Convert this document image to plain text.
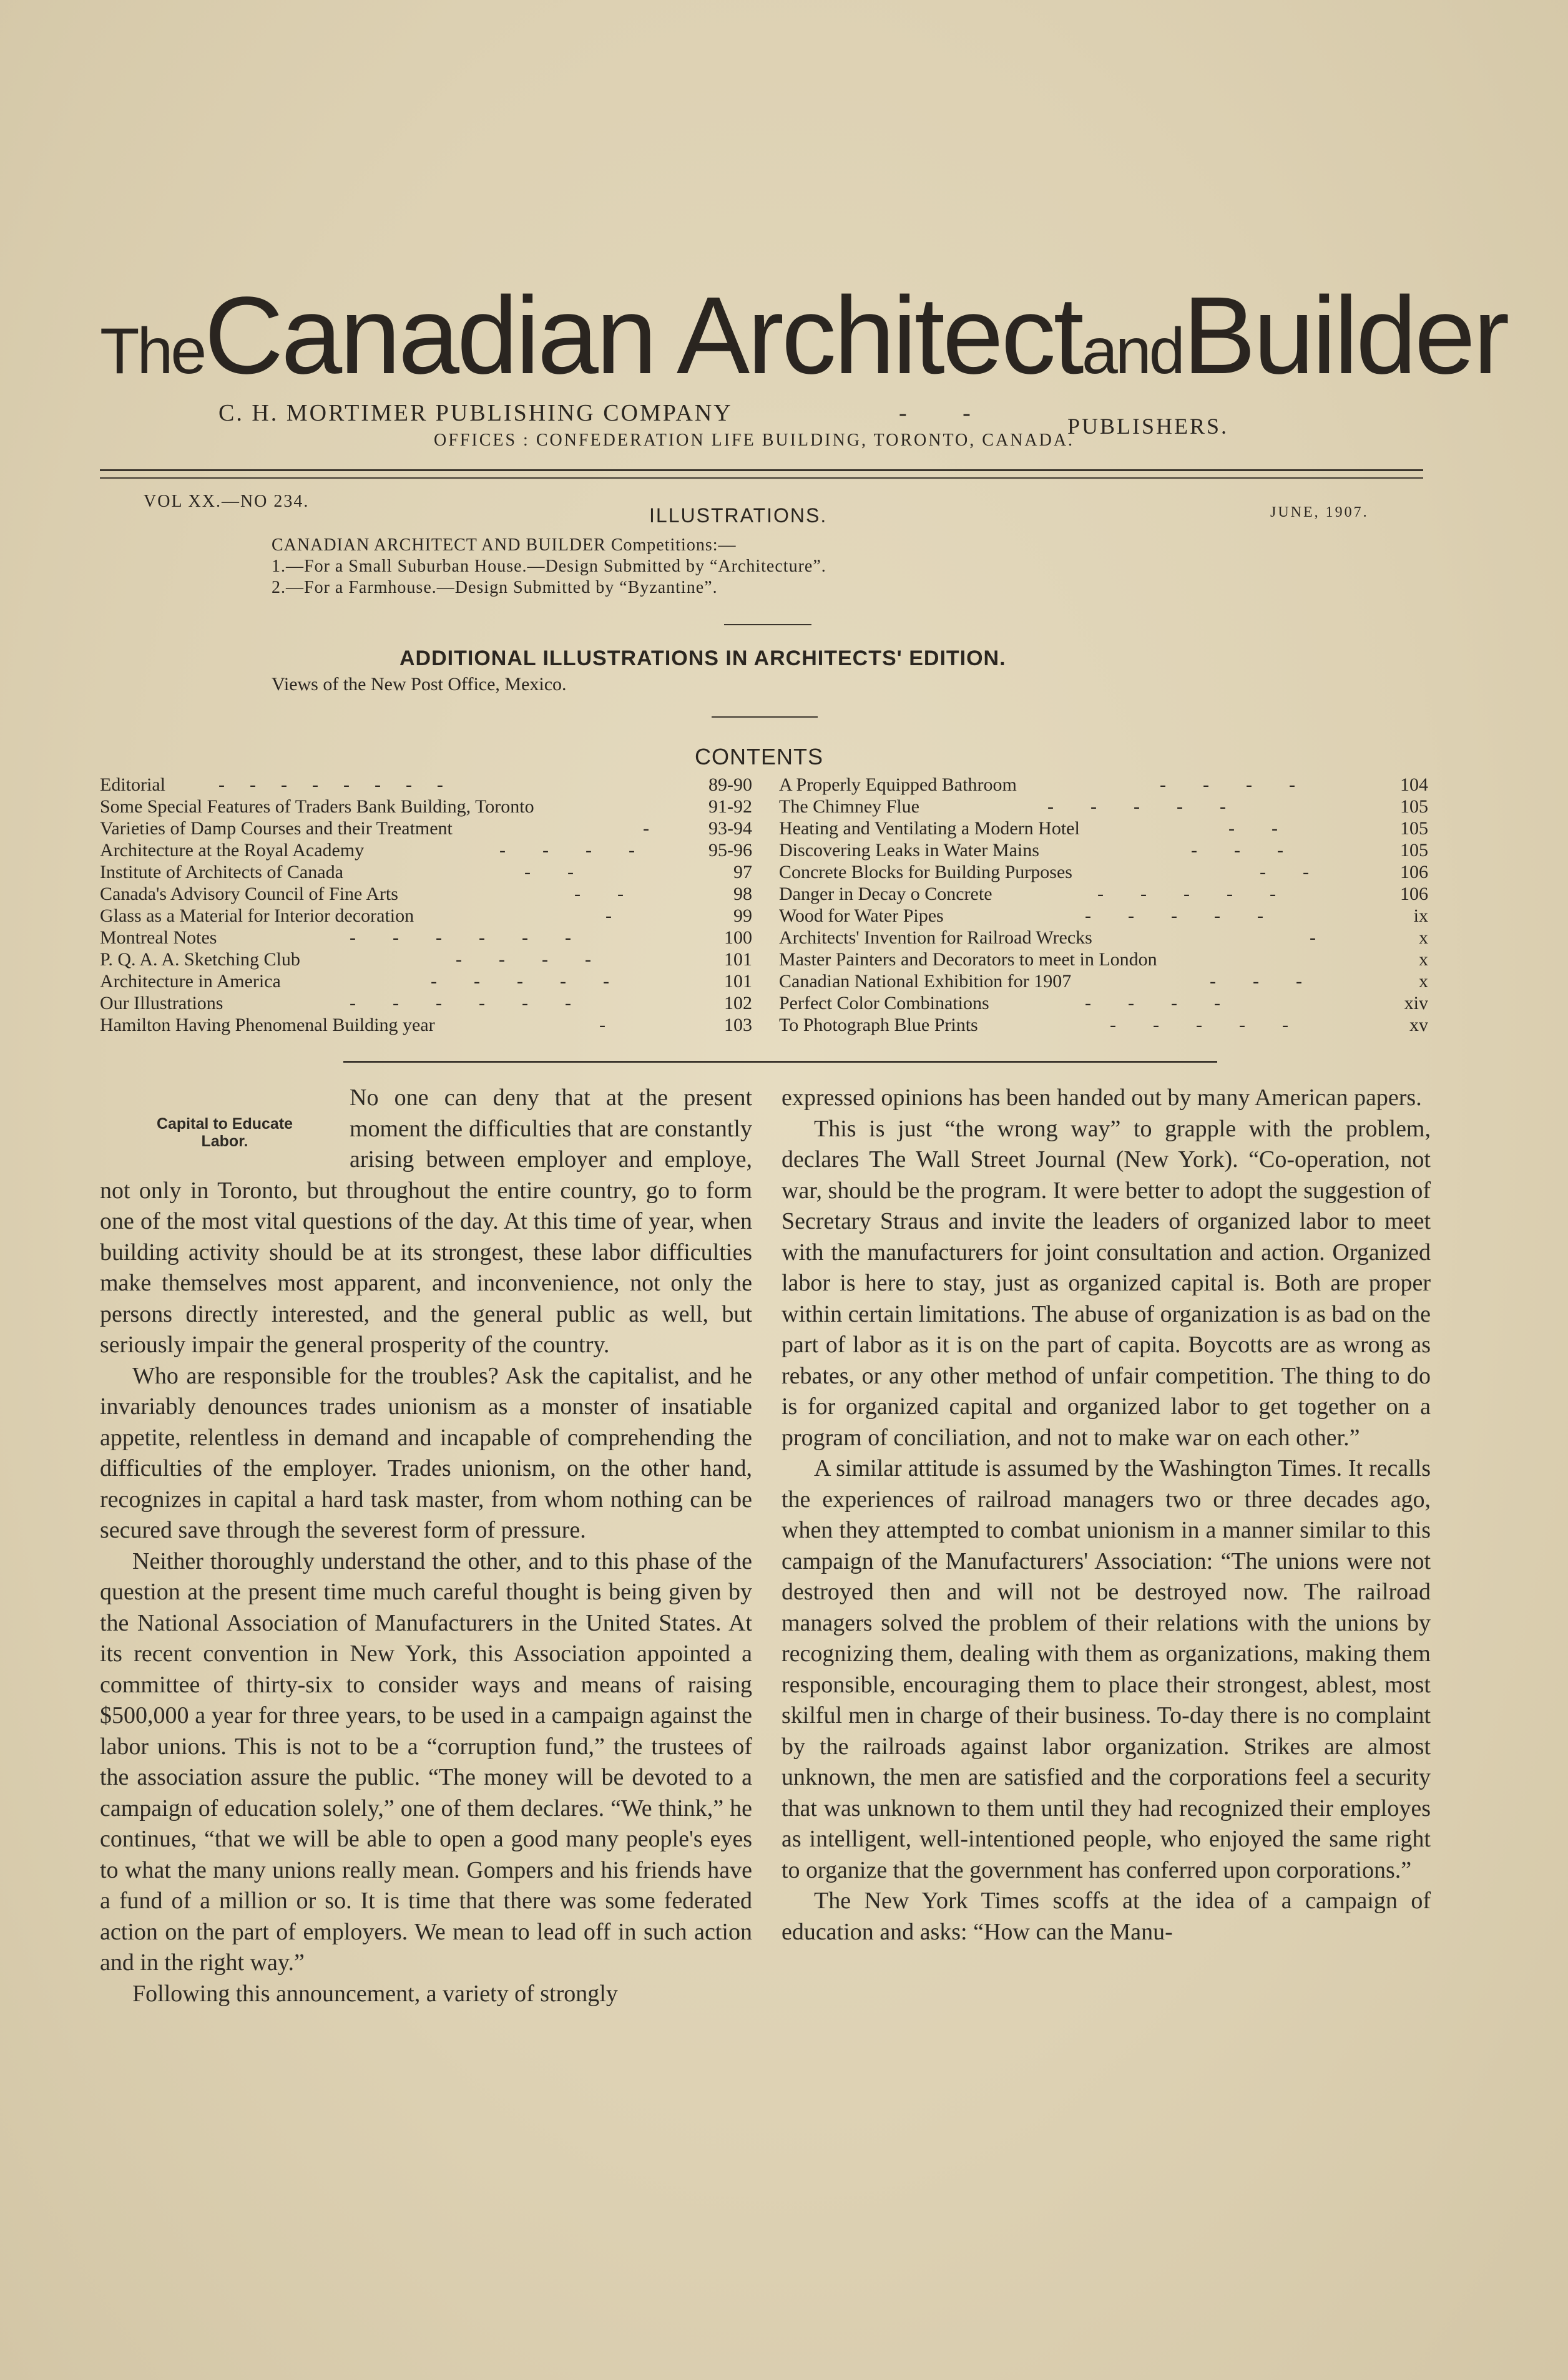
TheCanadian Architect andBuilder
C. H. MORTIMER PUBLISHING COMPANY	- -	PUBLISHERS.
OFFICES : CONFEDERATION LIFE BUILDING, TORONTO, CANADA.
VOL XX.—NO 234.
JUNE, 1907.
ILLUSTRATIONS.
CANADIAN ARCHITECT AND BUILDER Competitions:—
1.—For a Small Suburban House.—Design Submitted by “Architecture”.
2.—For a Farmhouse.—Design Submitted by “Byzantine”.
ADDITIONAL ILLUSTRATIONS IN ARCHITECTS' EDITION.
Views of the New Post Office, Mexico.
CONTENTS
Editorial	-    -    -    -    -    -    -    -	89-90
Some Special Features of Traders Bank Building, Toronto	91-92
Varieties of Damp Courses and their Treatment	-	93-94
Architecture at the Royal Academy	-      -      -      -	95-96
Institute of Architects of Canada	-      -	97
Canada's Advisory Council of Fine Arts	-      -	98
Glass as a Material for Interior decoration	-	99
Montreal Notes	-      -      -      -      -      -	100
P. Q. A. A. Sketching Club	-      -      -      -	101
Architecture in America	-      -      -      -      -	101
Our Illustrations	-      -      -      -      -      -	102
Hamilton Having Phenomenal Building year	-	103
A Properly Equipped Bathroom	-      -      -      -	104
The Chimney Flue	-      -      -      -      -	105
Heating and Ventilating a Modern Hotel	-      -	105
Discovering Leaks in Water Mains	-      -      -	105
Concrete Blocks for Building Purposes	-      -	106
Danger in Decay o Concrete	-      -      -      -      -	106
Wood for Water Pipes	-      -      -      -      -	ix
Architects' Invention for Railroad Wrecks	-	x
Master Painters and Decorators to meet in London	x
Canadian National Exhibition for 1907	-      -      -	x
Perfect Color Combinations	-      -      -      -	xiv
To Photograph Blue Prints	-      -      -      -      -	xv
Capital to Educate
Labor.

No one can deny that at the present moment the difficulties that are constantly arising between employer and employe, not only in Toronto, but throughout the entire country, go to form one of the most vital questions of the day. At this time of year, when building activity should be at its strongest, these labor difficulties make themselves most apparent, and inconvenience, not only the persons directly interested, and the general public as well, but seriously impair the general prosperity of the country.

Who are responsible for the troubles? Ask the capitalist, and he invariably denounces trades unionism as a monster of insatiable appetite, relentless in demand and incapable of comprehending the difficulties of the employer. Trades unionism, on the other hand, recognizes in capital a hard task master, from whom nothing can be secured save through the severest form of pressure.

Neither thoroughly understand the other, and to this phase of the question at the present time much careful thought is being given by the National Association of Manufacturers in the United States. At its recent convention in New York, this Association appointed a committee of thirty-six to consider ways and means of raising $500,000 a year for three years, to be used in a campaign against the labor unions. This is not to be a “corruption fund,” the trustees of the association assure the public. “The money will be devoted to a campaign of education solely,” one of them declares. “We think,” he continues, “that we will be able to open a good many people's eyes to what the many unions really mean. Gompers and his friends have a fund of a million or so. It is time that there was some federated action on the part of employers. We mean to lead off in such action and in the right way.”

Following this announcement, a variety of strongly

expressed opinions has been handed out by many American papers.

This is just “the wrong way” to grapple with the problem, declares The Wall Street Journal (New York). “Co-operation, not war, should be the program. It were better to adopt the suggestion of Secretary Straus and invite the leaders of organized labor to meet with the manufacturers for joint consultation and action. Organized labor is here to stay, just as organized capital is. Both are proper within certain limitations. The abuse of organization is as bad on the part of labor as it is on the part of capita. Boycotts are as wrong as rebates, or any other method of unfair competition. The thing to do is for organized capital and organized labor to get together on a program of conciliation, and not to make war on each other.”

A similar attitude is assumed by the Washington Times. It recalls the experiences of railroad managers two or three decades ago, when they attempted to combat unionism in a manner similar to this campaign of the Manufacturers' Association: “The unions were not destroyed then and will not be destroyed now. The railroad managers solved the problem of their relations with the unions by recognizing them, dealing with them as organizations, making them responsible, encouraging them to place their strongest, ablest, most skilful men in charge of their business. To-day there is no complaint by the railroads against labor organization. Strikes are almost unknown, the men are satisfied and the corporations feel a security that was unknown to them until they had recognized their employes as intelligent, well-intentioned people, who enjoyed the same right to organize that the government has conferred upon corporations.”

The New York Times scoffs at the idea of a campaign of education and asks: “How can the Manu-
